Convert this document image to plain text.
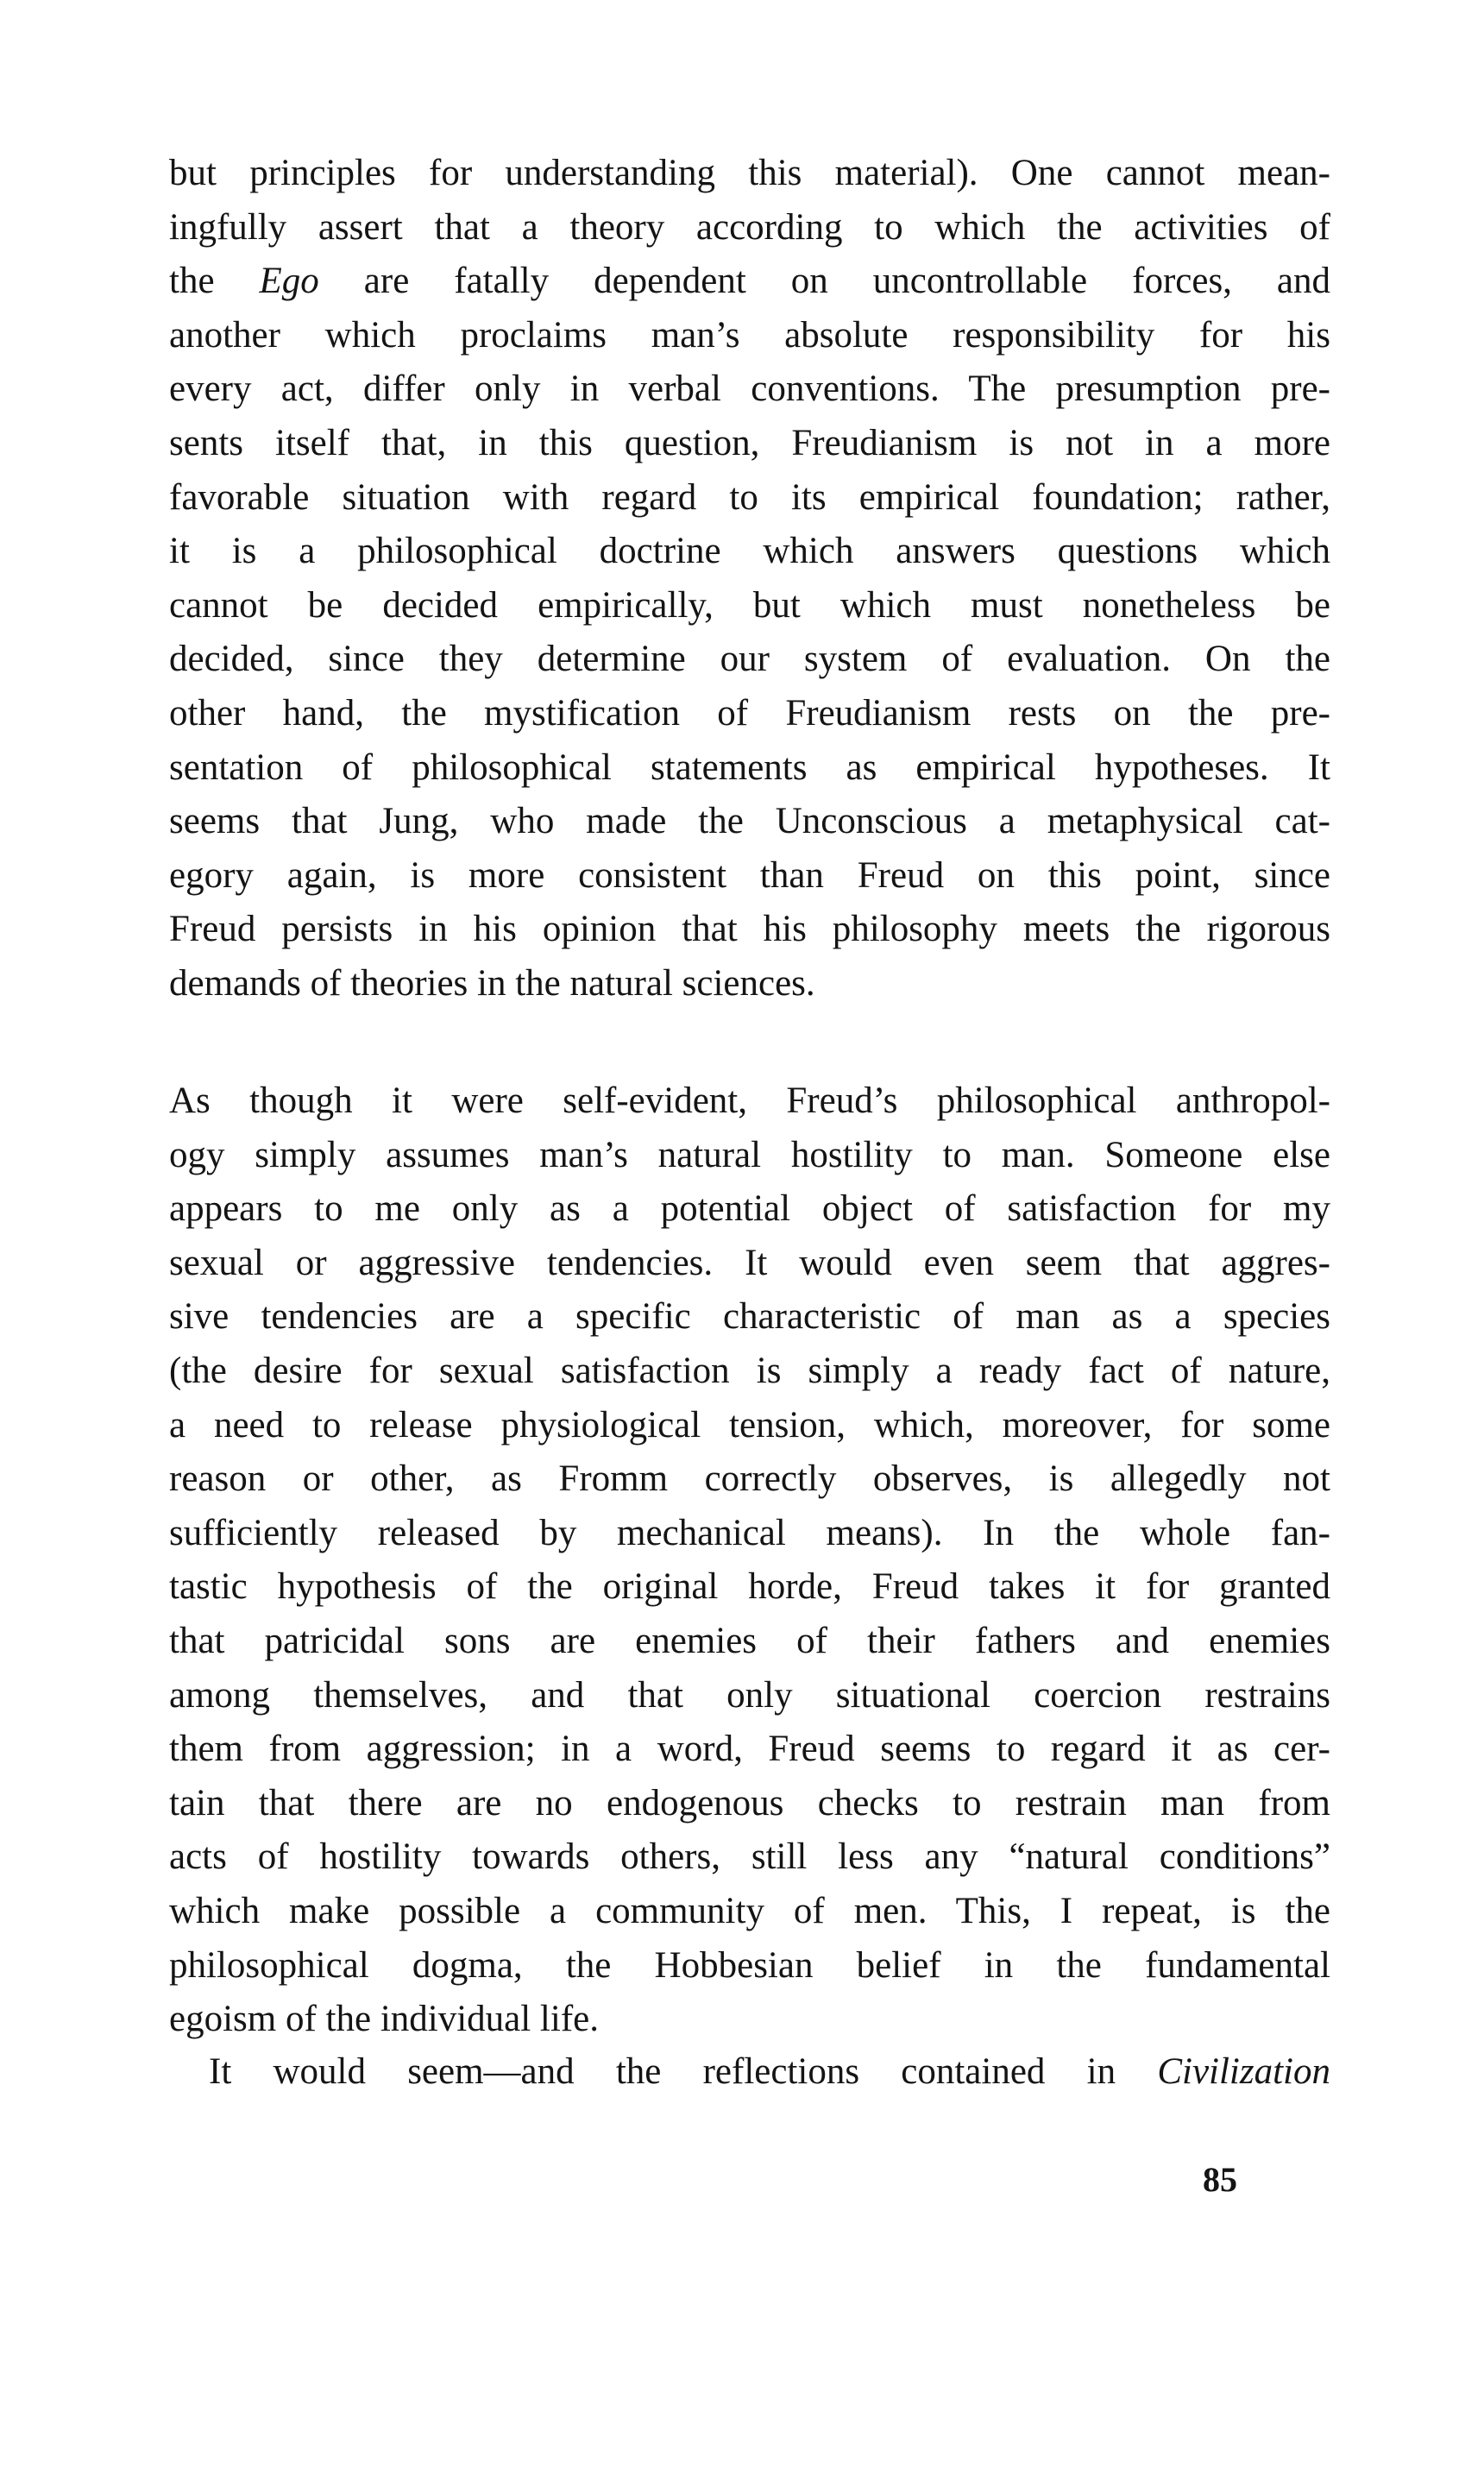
but principles for understanding this material). One cannot mean-
ingfully assert that a theory according to which the activities of
the Ego are fatally dependent on uncontrollable forces, and
another which proclaims man’s absolute responsibility for his
every act, differ only in verbal conventions. The presumption pre-
sents itself that, in this question, Freudianism is not in a more
favorable situation with regard to its empirical foundation; rather,
it is a philosophical doctrine which answers questions which
cannot be decided empirically, but which must nonetheless be
decided, since they determine our system of evaluation. On the
other hand, the mystification of Freudianism rests on the pre-
sentation of philosophical statements as empirical hypotheses. It
seems that Jung, who made the Unconscious a metaphysical cat-
egory again, is more consistent than Freud on this point, since
Freud persists in his opinion that his philosophy meets the rigorous
demands of theories in the natural sciences.
As though it were self-evident, Freud’s philosophical anthropol-
ogy simply assumes man’s natural hostility to man. Someone else
appears to me only as a potential object of satisfaction for my
sexual or aggressive tendencies. It would even seem that aggres-
sive tendencies are a specific characteristic of man as a species
(the desire for sexual satisfaction is simply a ready fact of nature,
a need to release physiological tension, which, moreover, for some
reason or other, as Fromm correctly observes, is allegedly not
sufficiently released by mechanical means). In the whole fan-
tastic hypothesis of the original horde, Freud takes it for granted
that patricidal sons are enemies of their fathers and enemies
among themselves, and that only situational coercion restrains
them from aggression; in a word, Freud seems to regard it as cer-
tain that there are no endogenous checks to restrain man from
acts of hostility towards others, still less any “natural conditions”
which make possible a community of men. This, I repeat, is the
philosophical dogma, the Hobbesian belief in the fundamental
egoism of the individual life.
It would seem—and the reflections contained in Civilization
85
